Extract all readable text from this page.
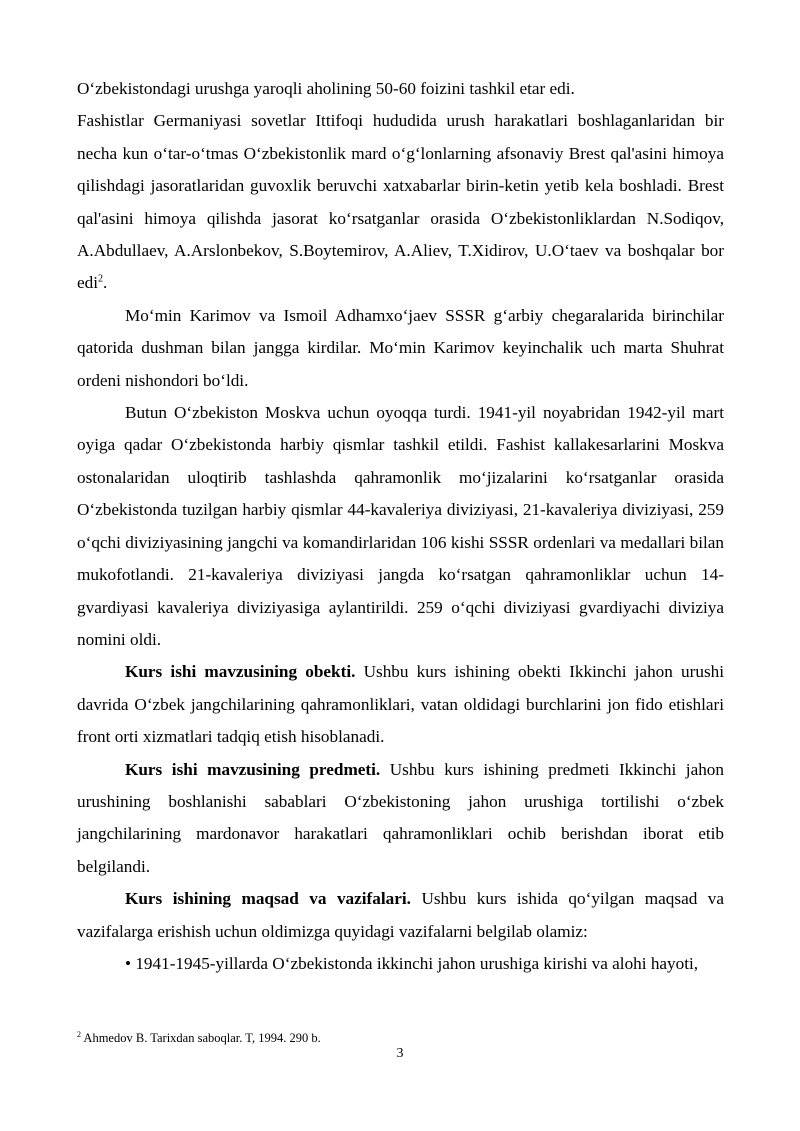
O‘zbekistondagi urushga yaroqli aholining 50-60 foizini tashkil etar edi.

Fashistlar Germaniyasi sovetlar Ittifoqi hududida urush harakatlari boshlaganlaridan bir necha kun o‘tar-o‘tmas O‘zbekistonlik mard o‘g‘lonlarning afsonaviy Brest qal'asini himoya qilishdagi jasoratlaridan guvoxlik beruvchi xatxabarlar birin-ketin yetib kela boshladi. Brest qal'asini himoya qilishda jasorat ko‘rsatganlar orasida O‘zbekistonliklardan N.Sodiqov, A.Abdullaev, A.Arslonbekov, S.Boytemirov, A.Aliev, T.Xidirov, U.O‘taev va boshqalar bor edi$^2$.

Mo‘min Karimov va Ismoil Adhamxo‘jaev SSSR g‘arbiy chegaralarida birinchilar qatorida dushman bilan jangga kirdilar. Mo‘min Karimov keyinchalik uch marta Shuhrat ordeni nishondori bo‘ldi.

Butun O‘zbekiston Moskva uchun oyoqqa turdi. 1941-yil noyabridan 1942-yil mart oyiga qadar O‘zbekistonda harbiy qismlar tashkil etildi. Fashist kallakesarlarini Moskva ostonalaridan uloqtirib tashlashda qahramonlik mo‘jizalarini ko‘rsatganlar orasida O‘zbekistonda tuzilgan harbiy qismlar 44-kavaleriya diviziyasi, 21-kavaleriya diviziyasi, 259 o‘qchi diviziyasining jangchi va komandirlaridan 106 kishi SSSR ordenlari va medallari bilan mukofotlandi. 21-kavaleriya diviziyasi jangda ko‘rsatgan qahramonliklar uchun 14-gvardiyasi kavaleriya diviziyasiga aylantirildi. 259 o‘qchi diviziyasi gvardiyachi diviziya nomini oldi.

Kurs ishi mavzusining obekti. Ushbu kurs ishining obekti Ikkinchi jahon urushi davrida O‘zbek jangchilarining qahramonliklari, vatan oldidagi burchlarini jon fido etishlari front orti xizmatlari tadqiq etish hisoblanadi.

Kurs ishi mavzusining predmeti. Ushbu kurs ishining predmeti Ikkinchi jahon urushining boshlanishi sabablari O‘zbekistoning jahon urushiga tortilishi o‘zbek jangchilarining mardonavor harakatlari qahramonliklari ochib berishdan iborat etib belgilandi.

Kurs ishining maqsad va vazifalari. Ushbu kurs ishida qo‘yilgan maqsad va vazifalarga erishish uchun oldimizga quyidagi vazifalarni belgilab olamiz:

• 1941-1945-yillarda O‘zbekistonda ikkinchi jahon urushiga kirishi va alohi hayoti,

$^2$ Ahmedov B. Tarixdan saboqlar. T, 1994. 290 b.
3
